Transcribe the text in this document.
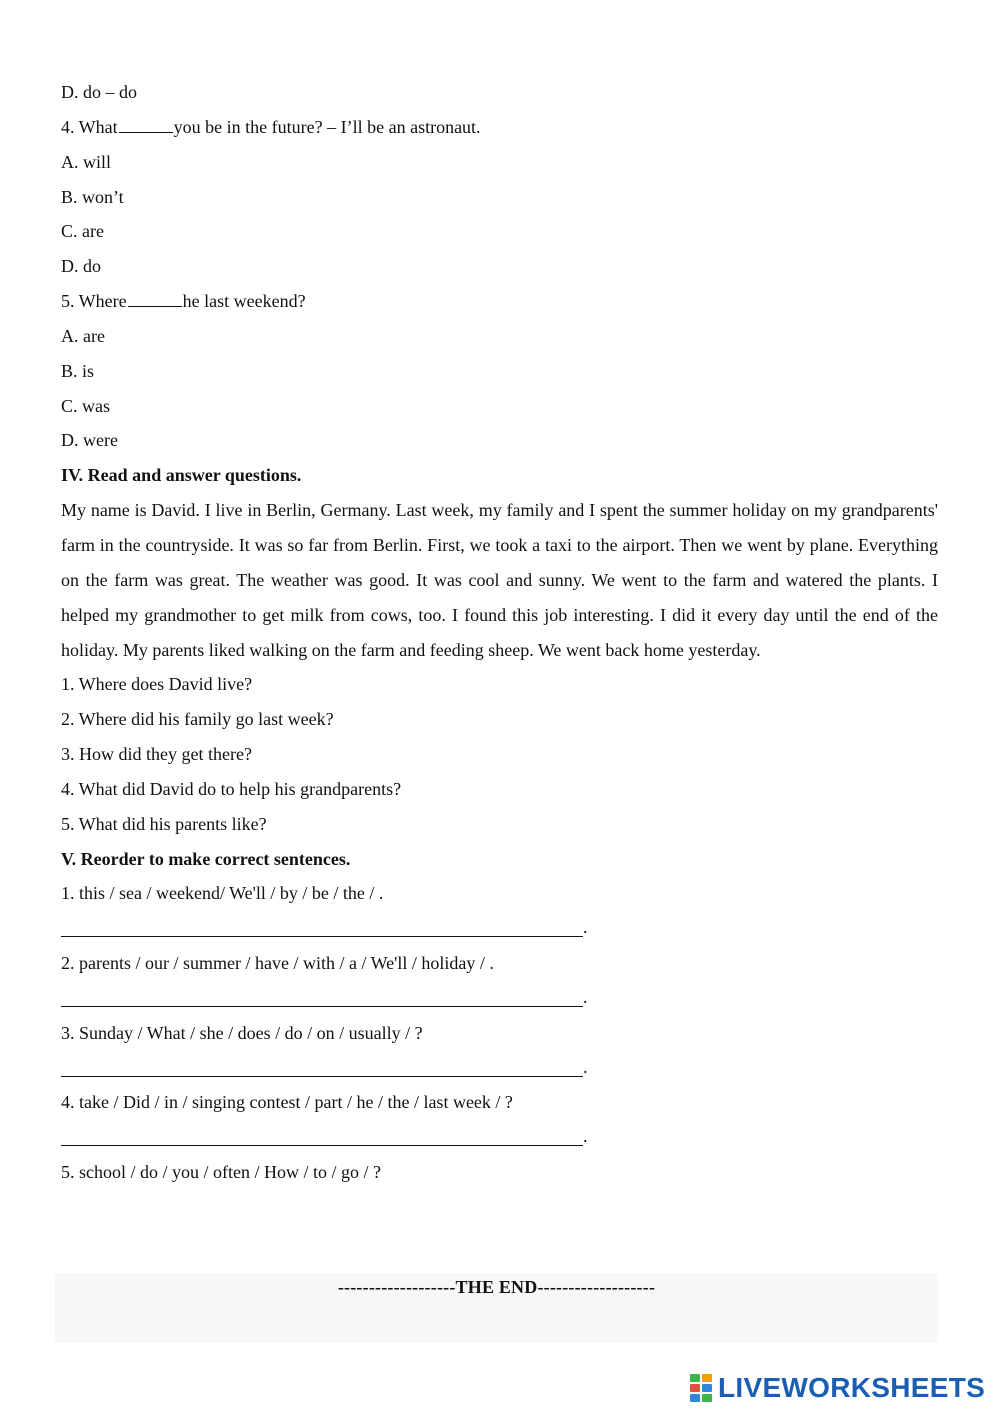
D. do – do
4. What	you be in the future? – I’ll be an astronaut.
A. will
B. won’t
C. are
D. do
5. Where	he last weekend?
A. are
B. is
C. was
D. were
IV. Read and answer questions.

My name is David. I live in Berlin, Germany. Last week, my family and I spent the summer holiday on my grandparents' farm in the countryside. It was so far from Berlin. First, we took a taxi to the airport. Then we went by plane. Everything on the farm was great. The weather was good. It was cool and sunny. We went to the farm and watered the plants. I helped my grandmother to get milk from cows, too. I found this job interesting. I did it every day until the end of the holiday. My parents liked walking on the farm and feeding sheep. We went back home yesterday.

1. Where does David live?
2. Where did his family go last week?
3. How did they get there?
4. What did David do to help his grandparents?
5. What did his parents like?
V. Reorder to make correct sentences.
1. this / sea / weekend/ We'll / by / be / the / .
.
2. parents / our / summer / have / with / a / We'll / holiday / .
.
3. Sunday / What / she / does / do / on / usually / ?
.
4. take / Did / in / singing contest / part / he / the / last week / ?
.
5. school / do / you / often / How / to / go / ?
-------------------THE END-------------------
LIVEWORKSHEETS
